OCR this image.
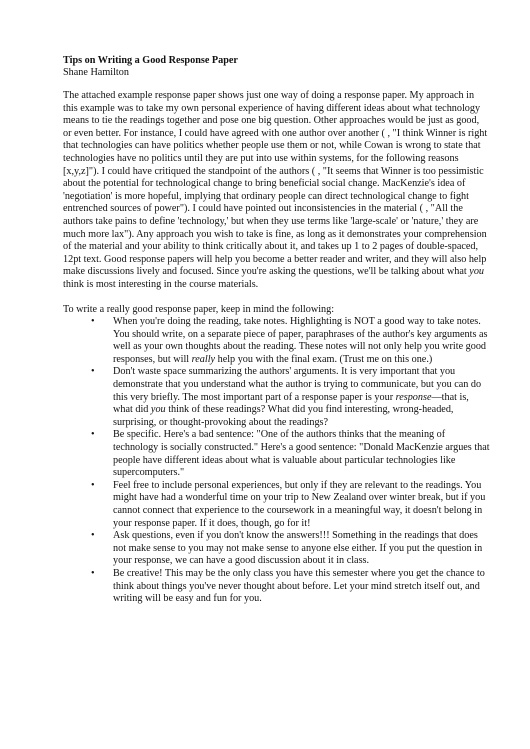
Tips on Writing a Good Response Paper

Shane Hamilton

The attached example response paper shows just one way of doing a response paper. My approach in this example was to take my own personal experience of having different ideas about what technology means to tie the readings together and pose one big question. Other approaches would be just as good, or even better. For instance, I could have agreed with one author over another ( , "I think Winner is right that technologies can have politics whether people use them or not, while Cowan is wrong to state that technologies have no politics until they are put into use within systems, for the following reasons [x,y,z]"). I could have critiqued the standpoint of the authors ( , "It seems that Winner is too pessimistic about the potential for technological change to bring beneficial social change. MacKenzie's idea of 'negotiation' is more hopeful, implying that ordinary people can direct technological change to fight entrenched sources of power"). I could have pointed out inconsistencies in the material ( , "All the authors take pains to define 'technology,' but when they use terms like 'large-scale' or 'nature,' they are much more lax"). Any approach you wish to take is fine, as long as it demonstrates your comprehension of the material and your ability to think critically about it, and takes up 1 to 2 pages of double-spaced, 12pt text. Good response papers will help you become a better reader and writer, and they will also help make discussions lively and focused. Since you're asking the questions, we'll be talking about what you think is most interesting in the course materials.

To write a really good response paper, keep in mind the following:

•	When you're doing the reading, take notes. Highlighting is NOT a good way to take notes. You should write, on a separate piece of paper, paraphrases of the author's key arguments as well as your own thoughts about the reading. These notes will not only help you write good responses, but will really help you with the final exam. (Trust me on this one.)
•	Don't waste space summarizing the authors' arguments. It is very important that you demonstrate that you understand what the author is trying to communicate, but you can do this very briefly. The most important part of a response paper is your response—that is, what did you think of these readings? What did you find interesting, wrong-headed, surprising, or thought-provoking about the readings?
•	Be specific. Here's a bad sentence: "One of the authors thinks that the meaning of technology is socially constructed." Here's a good sentence: "Donald MacKenzie argues that people have different ideas about what is valuable about particular technologies like supercomputers."
•	Feel free to include personal experiences, but only if they are relevant to the readings. You might have had a wonderful time on your trip to New Zealand over winter break, but if you cannot connect that experience to the coursework in a meaningful way, it doesn't belong in your response paper. If it does, though, go for it!
•	Ask questions, even if you don't know the answers!!! Something in the readings that does not make sense to you may not make sense to anyone else either. If you put the question in your response, we can have a good discussion about it in class.
•	Be creative! This may be the only class you have this semester where you get the chance to think about things you've never thought about before. Let your mind stretch itself out, and writing will be easy and fun for you.
